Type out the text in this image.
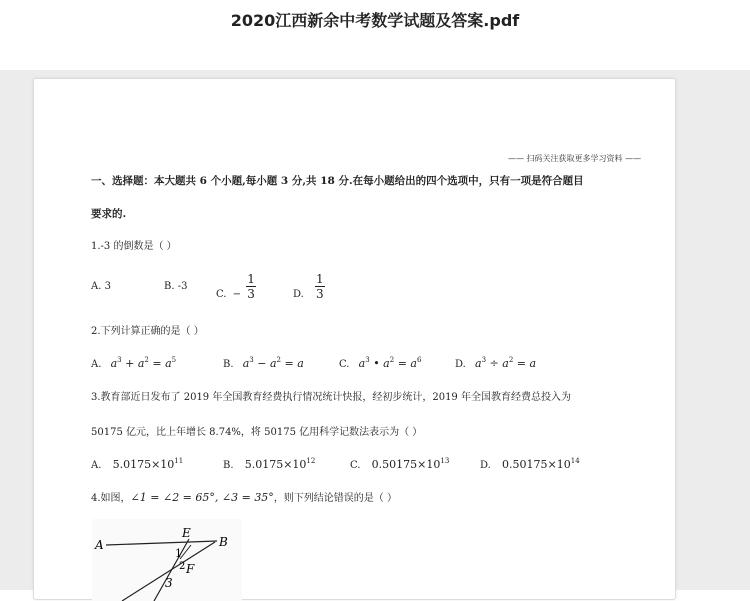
2020江西新余中考数学试题及答案.pdf
—— 扫码关注获取更多学习资料 ——
一、选择题：本大题共 6 个小题,每小题 3 分,共 18 分.在每小题给出的四个选项中，只有一项是符合题目
要求的.
1.-3 的倒数是（ ）
A. 3	B. -3
C. − $\frac{1}{3}$	D. $\frac{1}{3}$
2.下列计算正确的是（ ）
A. $a^3 + a^2 = a^5$	B. $a^3 - a^2 = a$	C. $a^3$ • $a^2 = a^6$	D. $a^3 \div a^2 = a$
3.教育部近日发布了 2019 年全国教育经费执行情况统计快报，经初步统计，2019 年全国教育经费总投入为
50175 亿元，比上年增长 8.74%，将 50175 亿用科学记数法表示为（ ）
A. $5.0175\times 10^{11}$	B. $5.0175\times 10^{12}$	C. $0.50175\times 10^{13}$	D. $0.50175\times 10^{14}$
4.如图，∠1 = ∠2 = 65°, ∠3 = 35°，则下列结论错误的是（ ）
A
E
B
1
2 F
3
